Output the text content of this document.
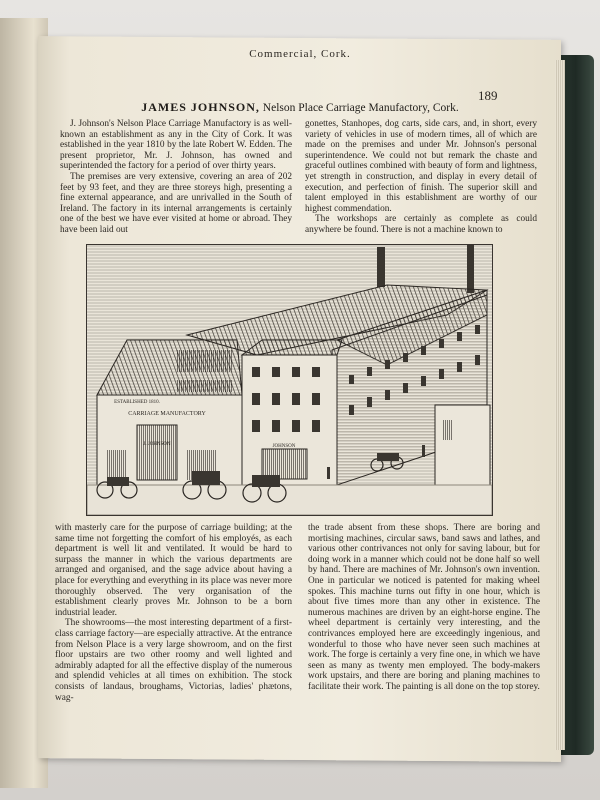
Commercial, Cork.
189
JAMES JOHNSON, Nelson Place Carriage Manufactory, Cork.

J. Johnson's Nelson Place Carriage Manufactory is as well-known an establishment as any in the City of Cork. It was established in the year 1810 by the late Robert W. Edden. The present proprietor, Mr. J. Johnson, has owned and superintended the factory for a period of over thirty years.

The premises are very extensive, covering an area of 202 feet by 93 feet, and they are three storeys high, presenting a fine external appearance, and are unrivalled in the South of Ireland. The factory in its internal arrangements is certainly one of the best we have ever visited at home or abroad. They have been laid out

gonettes, Stanhopes, dog carts, side cars, and, in short, every variety of vehicles in use of modern times, all of which are made on the premises and under Mr. Johnson's personal superintendence. We could not but remark the chaste and graceful outlines combined with beauty of form and lightness, yet strength in construction, and display in every detail of execution, and perfection of finish. The superior skill and talent employed in this establishment are worthy of our highest commendation.

The workshops are certainly as complete as could anywhere be found. There is not a machine known to

JOHNSON
ESTABLISHED 1810.
CARRIAGE MANUFACTORY
J. JOHNSON

with masterly care for the purpose of carriage building; at the same time not forgetting the comfort of his employés, as each department is well lit and ventilated. It would be hard to surpass the manner in which the various departments are arranged and organised, and the sage advice about having a place for everything and everything in its place was never more thoroughly observed. The very organisation of the establishment clearly proves Mr. Johnson to be a born industrial leader.

The showrooms—the most interesting department of a first-class carriage factory—are especially attractive. At the entrance from Nelson Place is a very large showroom, and on the first floor upstairs are two other roomy and well lighted and admirably adapted for all the effective display of the numerous and splendid vehicles at all times on exhibition. The stock consists of landaus, broughams, Victorias, ladies' phætons, wag-

the trade absent from these shops. There are boring and mortising machines, circular saws, band saws and lathes, and various other contrivances not only for saving labour, but for doing work in a manner which could not be done half so well by hand. There are machines of Mr. Johnson's own invention. One in particular we noticed is patented for making wheel spokes. This machine turns out fifty in one hour, which is about five times more than any other in existence. The numerous machines are driven by an eight-horse engine. The wheel department is certainly very interesting, and the contrivances employed here are exceedingly ingenious, and wonderful to those who have never seen such machines at work. The forge is certainly a very fine one, in which we have seen as many as twenty men employed. The body-makers work upstairs, and there are boring and planing machines to facilitate their work. The painting is all done on the top storey.
